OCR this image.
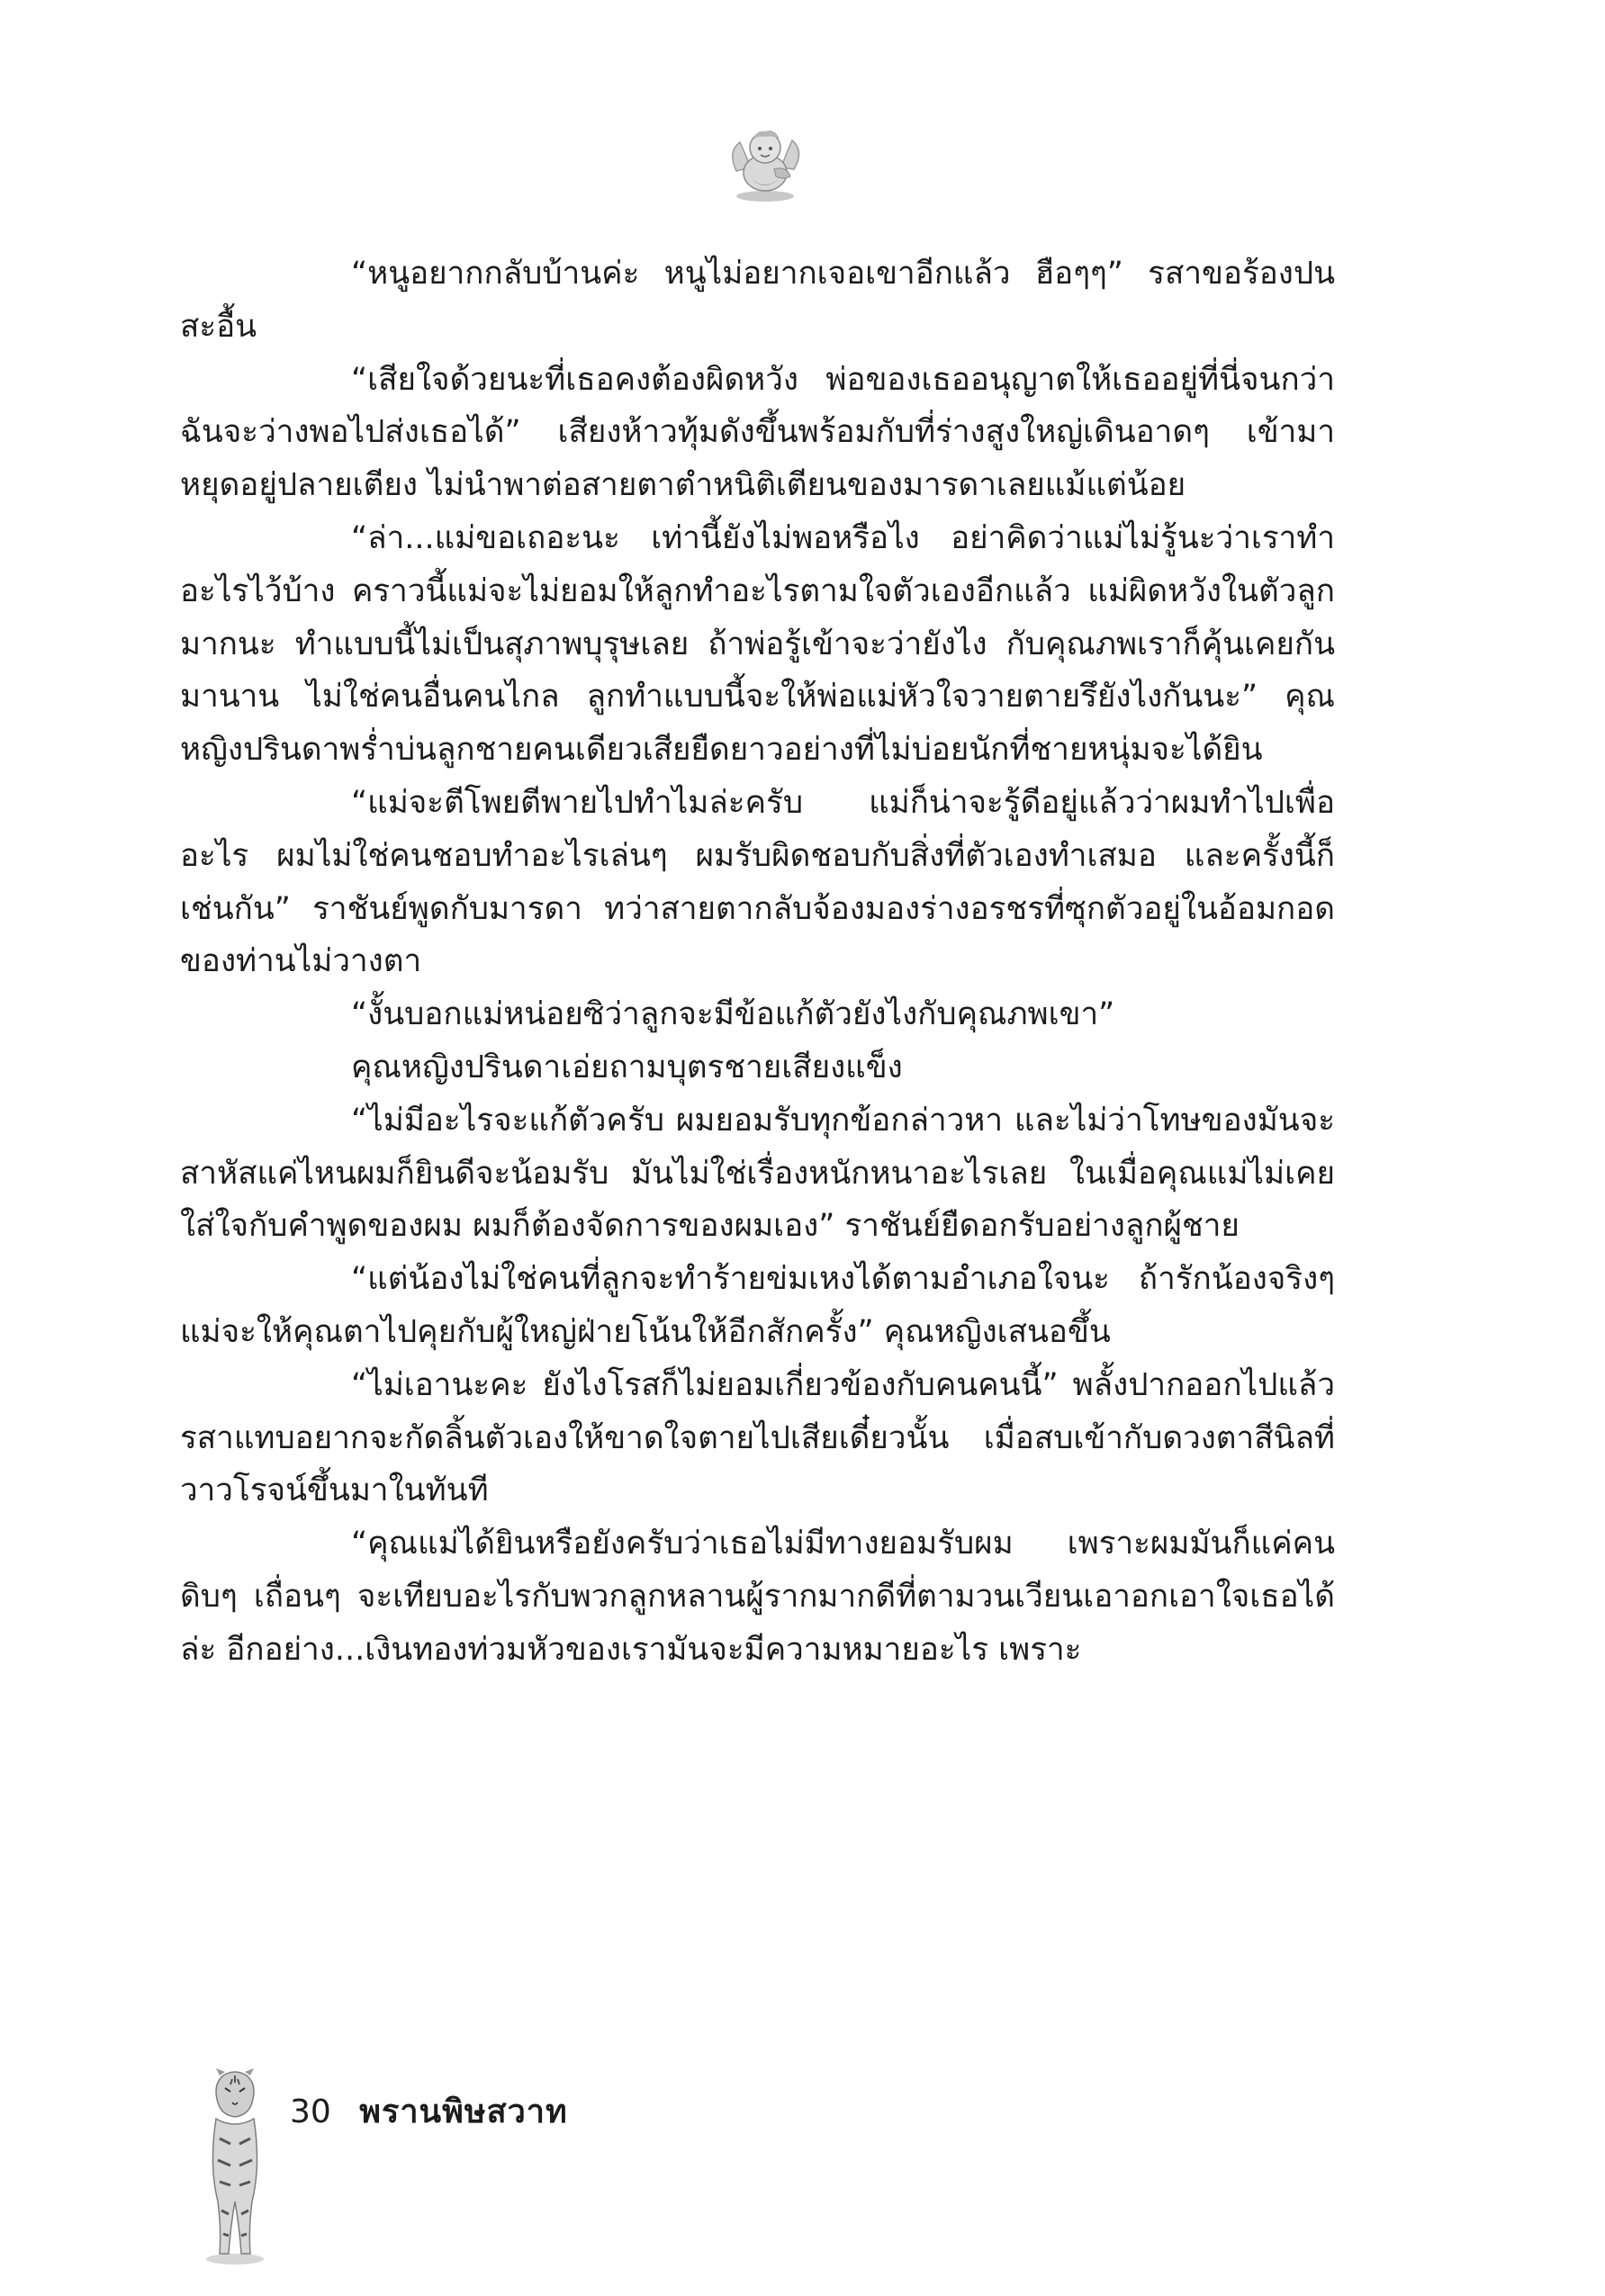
“หนูอยากกลับบ้านค่ะ หนูไม่อยากเจอเขาอีกแล้ว ฮือๆๆ” รสาขอร้องปนสะอื้น

“เสียใจด้วยนะที่เธอคงต้องผิดหวัง พ่อของเธออนุญาตให้เธออยู่ที่นี่จนกว่าฉันจะว่างพอไปส่งเธอได้” เสียงห้าวทุ้มดังขึ้นพร้อมกับที่ร่างสูงใหญ่เดินอาดๆ เข้ามาหยุดอยู่ปลายเตียง ไม่นำพาต่อสายตาตำหนิติเตียนของมารดาเลยแม้แต่น้อย

“ล่า...แม่ขอเถอะนะ เท่านี้ยังไม่พอหรือไง อย่าคิดว่าแม่ไม่รู้นะว่าเราทำอะไรไว้บ้าง คราวนี้แม่จะไม่ยอมให้ลูกทำอะไรตามใจตัวเองอีกแล้ว แม่ผิดหวังในตัวลูกมากนะ ทำแบบนี้ไม่เป็นสุภาพบุรุษเลย ถ้าพ่อรู้เข้าจะว่ายังไง กับคุณภพเราก็คุ้นเคยกันมานาน ไม่ใช่คนอื่นคนไกล ลูกทำแบบนี้จะให้พ่อแม่หัวใจวายตายรึยังไงกันนะ” คุณหญิงปรินดาพร่ำบ่นลูกชายคนเดียวเสียยืดยาวอย่างที่ไม่บ่อยนักที่ชายหนุ่มจะได้ยิน

“แม่จะตีโพยตีพายไปทำไมล่ะครับ แม่ก็น่าจะรู้ดีอยู่แล้วว่าผมทำไปเพื่ออะไร ผมไม่ใช่คนชอบทำอะไรเล่นๆ ผมรับผิดชอบกับสิ่งที่ตัวเองทำเสมอ และครั้งนี้ก็เช่นกัน” ราชันย์พูดกับมารดา ทว่าสายตากลับจ้องมองร่างอรชรที่ซุกตัวอยู่ในอ้อมกอดของท่านไม่วางตา

“งั้นบอกแม่หน่อยซิว่าลูกจะมีข้อแก้ตัวยังไงกับคุณภพเขา”

คุณหญิงปรินดาเอ่ยถามบุตรชายเสียงแข็ง

“ไม่มีอะไรจะแก้ตัวครับ ผมยอมรับทุกข้อกล่าวหา และไม่ว่าโทษของมันจะสาหัสแค่ไหนผมก็ยินดีจะน้อมรับ มันไม่ใช่เรื่องหนักหนาอะไรเลย ในเมื่อคุณแม่ไม่เคยใส่ใจกับคำพูดของผม ผมก็ต้องจัดการของผมเอง” ราชันย์ยืดอกรับอย่างลูกผู้ชาย

“แต่น้องไม่ใช่คนที่ลูกจะทำร้ายข่มเหงได้ตามอำเภอใจนะ ถ้ารักน้องจริงๆ แม่จะให้คุณตาไปคุยกับผู้ใหญ่ฝ่ายโน้นให้อีกสักครั้ง” คุณหญิงเสนอขึ้น

“ไม่เอานะคะ ยังไงโรสก็ไม่ยอมเกี่ยวข้องกับคนคนนี้” พลั้งปากออกไปแล้วรสาแทบอยากจะกัดลิ้นตัวเองให้ขาดใจตายไปเสียเดี๋ยวนั้น เมื่อสบเข้ากับดวงตาสีนิลที่วาวโรจน์ขึ้นมาในทันที

“คุณแม่ได้ยินหรือยังครับว่าเธอไม่มีทางยอมรับผม เพราะผมมันก็แค่คนดิบๆ เถื่อนๆ จะเทียบอะไรกับพวกลูกหลานผู้รากมากดีที่ตามวนเวียนเอาอกเอาใจเธอได้ล่ะ อีกอย่าง...เงินทองท่วมหัวของเรามันจะมีความหมายอะไร เพราะ

30 พรานพิษสวาท
